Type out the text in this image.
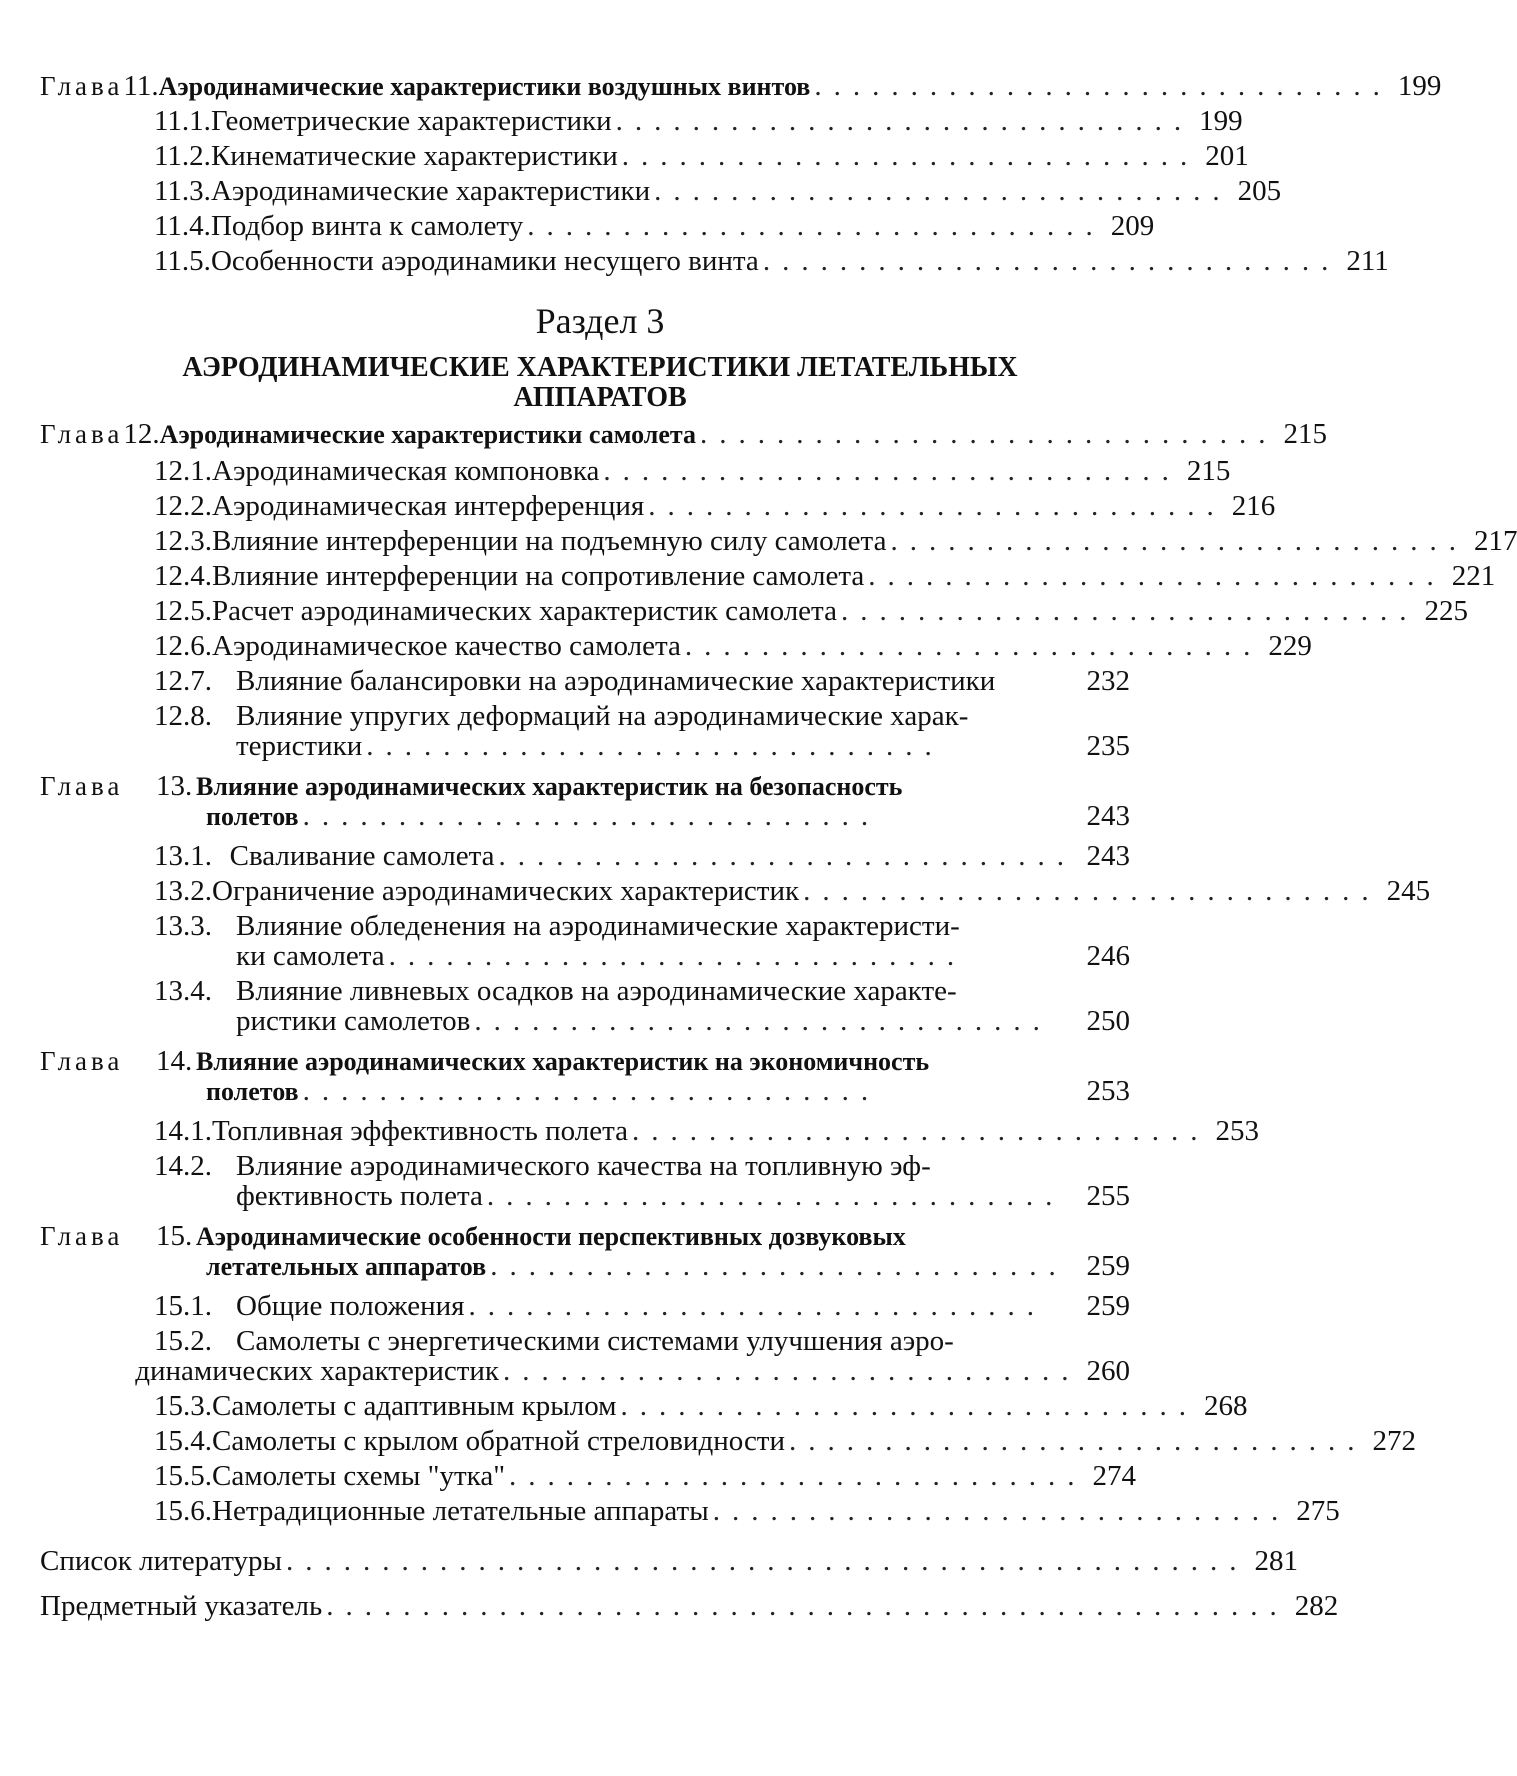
Глава 11. Аэродинамические характеристики воздушных винтов .............................. 199
11.1. Геометрические характеристики .............................. 199
11.2. Кинематические характеристики .............................. 201
11.3. Аэродинамические характеристики .............................. 205
11.4. Подбор винта к самолету .............................. 209
11.5. Особенности аэродинамики несущего винта .............................. 211
Раздел 3
АЭРОДИНАМИЧЕСКИЕ ХАРАКТЕРИСТИКИ ЛЕТАТЕЛЬНЫХ
АППАРАТОВ
Глава 12. Аэродинамические характеристики самолета .............................. 215
12.1. Аэродинамическая компоновка .............................. 215
12.2. Аэродинамическая интерференция .............................. 216
12.3. Влияние интерференции на подъемную силу самолета .............................. 217
12.4. Влияние интерференции на сопротивление самолета .............................. 221
12.5. Расчет аэродинамических характеристик самолета .............................. 225
12.6. Аэродинамическое качество самолета .............................. 229
12.7. Влияние балансировки на аэродинамические характеристики	232
12.8. Влияние упругих деформаций на аэродинамические харак-
теристики ..............................	235
Глава 13. Влияние аэродинамических характеристик на безопасность
полетов ..............................	243
13.1. Сваливание самолета .............................. 243
13.2. Ограничение аэродинамических характеристик .............................. 245
13.3. Влияние обледенения на аэродинамические характеристи-
ки самолета ..............................	246
13.4. Влияние ливневых осадков на аэродинамические характе-
ристики самолетов ..............................	250
Глава 14. Влияние аэродинамических характеристик на экономичность
полетов ..............................	253
14.1. Топливная эффективность полета .............................. 253
14.2. Влияние аэродинамического качества на топливную эф-
фективность полета .............................. 255
Глава 15. Аэродинамические особенности перспективных дозвуковых
летательных аппаратов .............................. 259
15.1. Общие положения ..............................	259
15.2. Самолеты с энергетическими системами улучшения аэро-
динамических характеристик .............................. 260
15.3. Самолеты с адаптивным крылом .............................. 268
15.4. Самолеты с крылом обратной стреловидности .............................. 272
15.5. Самолеты схемы "утка" .............................. 274
15.6. Нетрадиционные летательные аппараты .............................. 275
Список литературы .................................................. 281
Предметный указатель .................................................. 282
